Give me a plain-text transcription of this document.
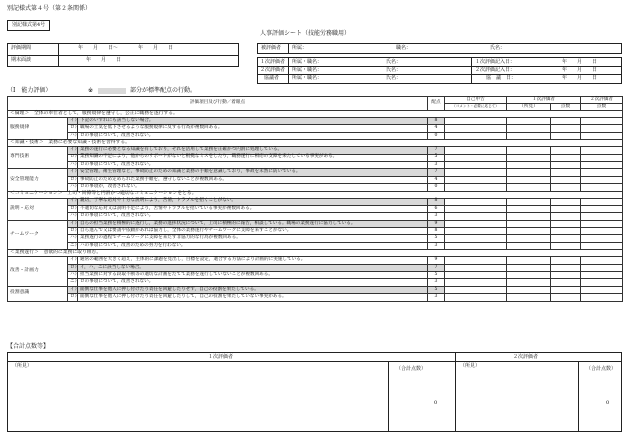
別記様式第４号（第２条関係）
別記様式第4号
人事評価シート（技能労務職用）
評価期間	年　　月　　日～　　　　年　　月　　日
期末面談	年　　月　　日
被評価者 所属：	職名：	氏名：
１次評価者 所属・職名：	氏名：	１次評価記入日：	年　　月　　日
２次評価者 所属・職名：	氏名：	２次評価記入日：	年　　月　　日
協議者	所属・職名：	氏名：	協　議　日：	年　　月　　日
（Ⅰ　能力評価）	※	部分が標準配点の行動。
評価項目及び行動／着眼点			配点	自己申告	１次評価者		２次評価者
				（コメント・必要に応じて）	（所見）	点数	点数
＜倫理＞　全体の奉仕者として，服務規律を遵守し，公正に職務を遂行する。							
服務規律	イ）	下記のいずれにも該当しない場合。	8				
	ロ）	職場の士気を低下させるような服務規律に反する行為が複数回ある。	4				
	ハ）	ロの事項について，改善されない。	0				
＜知識・技術＞　業務に必要な知識・技術を習得する。							
専門技術	イ）	業務の遂行に必要となる知識を有しており，それを活用して業務を正確かつ円滑に処理している。	7				
	ロ）	業務知識の不足により，他からのサポートがないと根拠なミスをしたり，職務遂行に相応の支障を来たしている事実がある。	5				
	ハ）	ロの事項について，改善されない。	3				
安全管理能力	イ）	安全管理，衛生管理など，事故防止のための知識と業務の手順を意識しており，事故を未然に防いでいる。	7				
	ロ）	事故防止のため定められた業務手順を，遵守しないことが複数回ある。	4				
	ハ）	ロの事項が，改善されない。	0				
＜コミュニケーション＞　上司・同僚等と円滑かつ適切なコミュニケーションをとる。							
説明・応対	イ）	親切，丁寧な応対や十分な説明により，苦情，トラブルを招くことがない。	8				
	ロ）	不適切な応対又は説明不足により，苦情やトラブルを招いている事実が複数回ある。	6				
	ハ）	ロの事項について，改善されない。	3				
チームワーク	イ）	自らの担当業務を積極的に遂行し，業務の進捗状況について，上司に積極的に報告，相談している。職場の業務遂行に協力している。	9				
	ロ）	自ら進んで又は要請や依頼があれば協力し，全体の業務遂行やチームワークに支障を来すことがない。	8				
	ハ）	業務遂行の過程でチームワークに支障を来たす非協力的な行為が複数回ある。	5				
	ニ）	ハの事項について，改善のための努力を行わない。	3				
＜業務遂行＞　意欲的に業務に取り組む。							
改善・計画力	イ）	通常の範囲を大きく超え，主体的に課題を見出し，目標を設定，適合する方法により計画的に実施している。	9				
	ロ）	イ，ハ，ニに該当しない場合。	7				
	ハ）	担当業務に対する段取不断等の適切な計画をたてて業務を遂行していないことが複数回ある。	5				
	ニ）	ロの事項について，改善されない。	3				
役割意識	イ）	面倒な仕事を他人に押し付けたり責任を回避したりせず，自己の役割を果たしている。	5				
	ロ）	面倒な仕事を他人に押し付けたり責任を回避したりして，自己の役割を果たしていない事実がある。	3				
【合計点数等】
１次評価者	２次評価者
（所見）	（所見）
（合計点数）	（合計点数）
0	0
